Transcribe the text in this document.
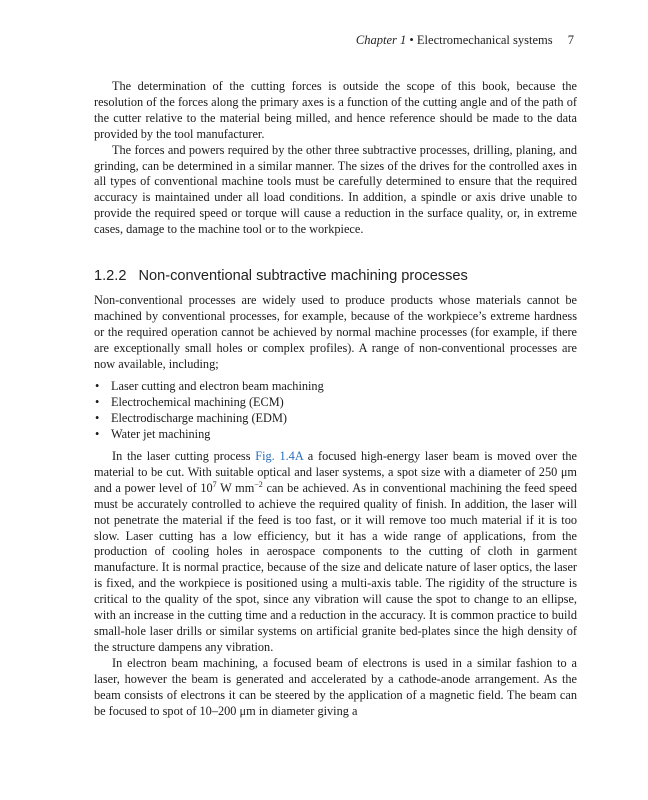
Chapter 1 • Electromechanical systems 7

The determination of the cutting forces is outside the scope of this book, because the resolution of the forces along the primary axes is a function of the cutting angle and of the path of the cutter relative to the material being milled, and hence reference should be made to the data provided by the tool manufacturer.

The forces and powers required by the other three subtractive processes, drilling, planing, and grinding, can be determined in a similar manner. The sizes of the drives for the controlled axes in all types of conventional machine tools must be carefully determined to ensure that the required accuracy is maintained under all load conditions. In addition, a spindle or axis drive unable to provide the required speed or torque will cause a reduction in the surface quality, or, in extreme cases, damage to the machine tool or to the workpiece.

1.2.2 Non-conventional subtractive machining processes

Non-conventional processes are widely used to produce products whose materials cannot be machined by conventional processes, for example, because of the workpiece’s extreme hardness or the required operation cannot be achieved by normal machine processes (for example, if there are exceptionally small holes or complex profiles). A range of non-conventional processes are now available, including;

• Laser cutting and electron beam machining
• Electrochemical machining (ECM)
• Electrodischarge machining (EDM)
• Water jet machining

In the laser cutting process Fig. 1.4A a focused high-energy laser beam is moved over the material to be cut. With suitable optical and laser systems, a spot size with a diameter of 250 μm and a power level of $10^7$ W $mm^{-2}$ can be achieved. As in conventional machining the feed speed must be accurately controlled to achieve the required quality of finish. In addition, the laser will not penetrate the material if the feed is too fast, or it will remove too much material if it is too slow. Laser cutting has a low efficiency, but it has a wide range of applications, from the production of cooling holes in aerospace components to the cutting of cloth in garment manufacture. It is normal practice, because of the size and delicate nature of laser optics, the laser is fixed, and the workpiece is positioned using a multi-axis table. The rigidity of the structure is critical to the quality of the spot, since any vibration will cause the spot to change to an ellipse, with an increase in the cutting time and a reduction in the accuracy. It is common practice to build small-hole laser drills or similar systems on artificial granite bed-plates since the high density of the structure dampens any vibration.

In electron beam machining, a focused beam of electrons is used in a similar fashion to a laser, however the beam is generated and accelerated by a cathode-anode arrangement. As the beam consists of electrons it can be steered by the application of a magnetic field. The beam can be focused to spot of 10–200 μm in diameter giving a
